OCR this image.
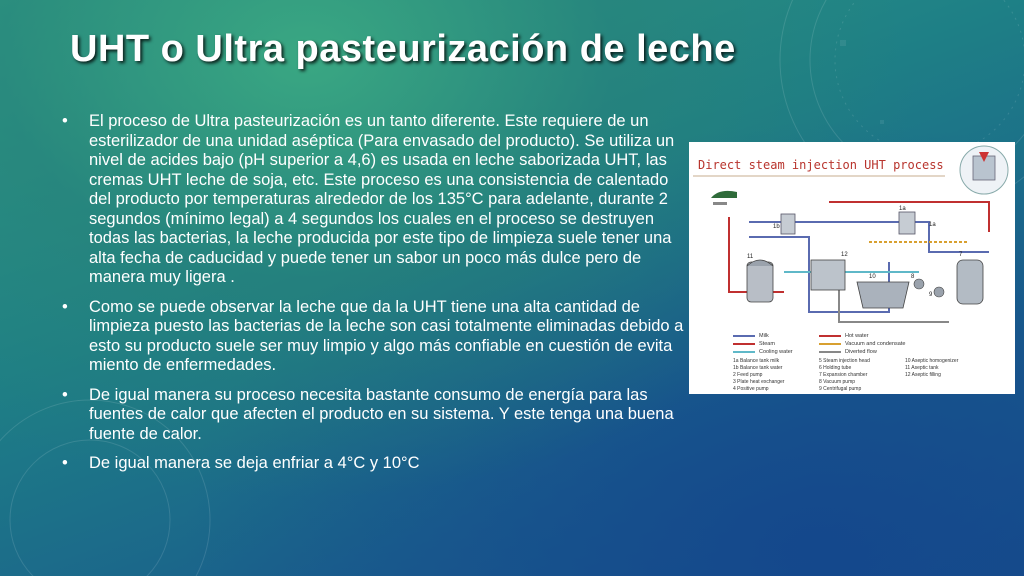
UHT o Ultra pasteurización de leche
• El proceso de Ultra pasteurización es un tanto diferente. Este requiere de un esterilizador de una unidad aséptica (Para envasado del producto). Se utiliza un nivel de acides bajo (pH superior a 4,6) es usada en leche saborizada UHT, las cremas UHT leche de soja, etc. Este proceso es una consistencia de calentado del producto por temperaturas alrededor de los 135°C para adelante, durante 2 segundos (mínimo legal) a 4 segundos los cuales en el proceso se destruyen todas las bacterias, la leche producida por este tipo de limpieza suele tener una alta fecha de caducidad y puede tener un sabor un poco más dulce pero de manera muy ligera .
• Como se puede observar la leche que da la UHT tiene una alta cantidad de limpieza puesto las bacterias de la leche son casi totalmente eliminadas debido a esto su producto suele ser muy limpio y algo más confiable en cuestión de evita miento de enfermedades.
• De igual manera su proceso necesita bastante consumo de energía para las fuentes de calor que afecten el producto en su sistema. Y este tenga una buena fuente de calor.
• De igual manera se deja enfriar a 4°C y 10°C
Direct steam injection UHT process
1b
1a
11	12
10
9
8
7
1a
Milk
Steam
Cooling water
Hot water
Vacuum and condensate
Diverted flow
1a Balance tank milk
1b Balance tank water
2 Feed pump
3 Plate heat exchanger
4 Positive pump
5 Steam injection head
6 Holding tube
7 Expansion chamber
8 Vacuum pump
9 Centrifugal pump
10 Aseptic homogenizer
11 Aseptic tank
12 Aseptic filling
